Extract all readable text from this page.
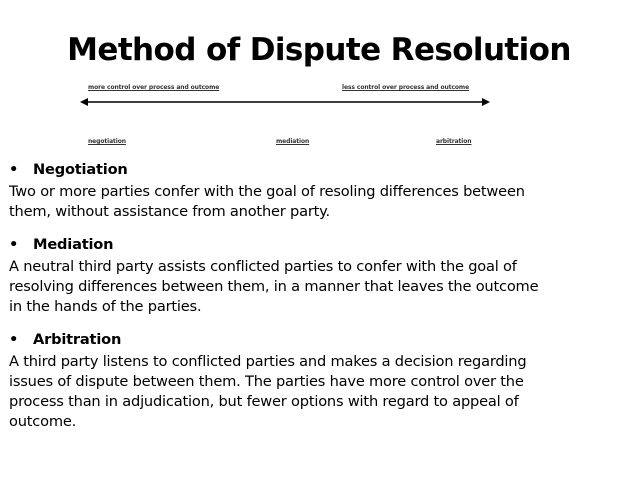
Method of Dispute Resolution
more control over process and outcome	less control over process and outcome
negotiation	mediation	arbitration
•	Negotiation
Two or more parties confer with the goal of resoling differences between
them, without assistance from another party.
•	Mediation
A neutral third party assists conflicted parties to confer with the goal of
resolving differences between them, in a manner that leaves the outcome
in the hands of the parties.
•	Arbitration
A third party listens to conflicted parties and makes a decision regarding
issues of dispute between them. The parties have more control over the
process than in adjudication, but fewer options with regard to appeal of
outcome.
